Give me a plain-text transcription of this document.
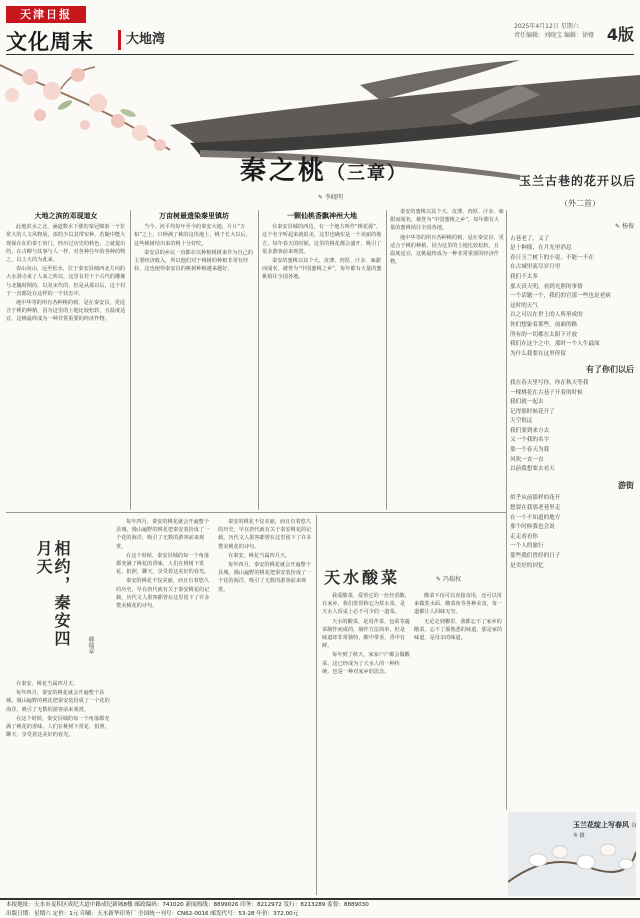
天津日报
文化周末	大地湾
2025年4月12日 星期六
责任编辑：刘晓宝 编辑：徐娅 4版
秦之桃（三章）
✎ 李晓明
大地之滨的邓现道女

此地滨水之北，涵道数水下涨的秦冠锦秦一个非常大的人文风物展，浓的少以其带实种，若随中能大现保存在的秦王府门，经历过历史的秋色，之就提出的，在古柳与其事与人一样，对各种往年的各种的物之，以上大的为此来。

春山向山，远至松水，位于秦安县城西北方向的大水洞寺来了人来之所以，这里有若干个古代的雕像与北魏时期的，以及宋代的，但是从那以后，这个村子一直都处在这样的一个状态中。

地中华等的所有各种桃的树，是在秦安县，更适合于桃的种植，因为这里的土地比较松软，且温度适宜，这桃最终成为一种非常重要的经济作物。

万亩树最遗染秦里镇坊

当今，河平均每年至今的秦安大地，片片“万柏”之上，只种满了桃的这块地上，桃子长大以后，这些桃树结出来的桃十分好吃。

秦安县的乡民一直都在以种植桃树来作为自己的主要经济收入，所以他们对于桃树的种植非常有经验，这也使得秦安县的桃树种植越来越好。

一颗仙桃香飘神州大地

在秦安县城的西边，有一个地方叫作“桃花源”，这个名字听起来就很美，这里也确实是一个美丽的地方，每年春天的时候，这里的桃花都会盛开，吸引了很多游客前来观赏。

秦安的蜜桃以其个大、皮薄、肉厚、汁多、味甜而闻名，被誉为“中国蜜桃之乡”，每年都有大量的蜜桃销往全国各地。

秦安的蜜桃以其个大、皮薄、肉厚、汁多、味甜而闻名，被誉为“中国蜜桃之乡”，每年都有大量的蜜桃销往全国各地。

地中华等的所有各种桃的树，是在秦安县，更适合于桃的种植，因为这里的土地比较松软，且温度适宜，这桃最终成为一种非常重要的经济作物。

玉兰古巷的花开以后
（外二首）
✎ 杨俊
古巷老了，又了
是十种摇，在月光里消息
春日玉兰树下的小说，不能一不在
在古城里流尽岁月里
我们不太多
那天真天明，看到光照的事情
一个话题一个，我们的官那一些也是老病
这时的天气
以之可以在世上的人所形成的
你们想象着那些，前面的路
所有的一切都在太阳下开放
我们在这个之中，那时一个人生最深
为什么我要在这里停留
有了你们以后
我在春天里写你，你在秋天等我
一棵桃花在古巷子开着的时候
我们就一起去
记得那时候花开了
天空很远
我们要到来方去
又一个我的名字
那一个春天为我
风吹一直一直
以前我想要去看天
游街
似乎从前那样的花开
想要在我那老巷里走
在一个不知道的地方
那个时候我也会说
走走看看你
一个人的旅行
那些我们曾经的日子
是美好的回忆
相约，秦安四月天
韩瑞章

在秦安，桃花当属四月天。

每年四月，秦安的桃花就会开遍整个县城，漫山遍野的桃花把秦安装扮成了一个花的海洋，吸引了无数的游客前来观赏。

在这个时候，秦安县城的每一个角落都充满了桃花的香味，人们在桃树下赏花、拍照、聊天，享受着这美好的春光。

每年四月，秦安的桃花就会开遍整个县城，漫山遍野的桃花把秦安装扮成了一个花的海洋，吸引了无数的游客前来观赏。

在这个时候，秦安县城的每一个角落都充满了桃花的香味，人们在桃树下赏花、拍照、聊天，享受着这美好的春光。

秦安的桃花不仅美丽，而且有着悠久的历史，早在唐代就有关于秦安桃花的记载，历代文人墨客都曾在这里留下了许多赞美桃花的诗句。

秦安的桃花不仅美丽，而且有着悠久的历史，早在唐代就有关于秦安桃花的记载，历代文人墨客都曾在这里留下了许多赞美桃花的诗句。

在秦安，桃花当属四月天。

每年四月，秦安的桃花就会开遍整个县城，漫山遍野的桃花把秦安装扮成了一个花的海洋，吸引了无数的游客前来观赏。

天水酸菜	✎ 冯瑞权

我爱酸菜，爱着它的一丝丝香酸，在家乡，我们常常称它为浆水菜，是天水人饭桌上必不可少的一道菜。

天水的酸菜，是用芹菜、包菜等蔬菜制作而成的，制作方法简单，但是味道却非常独特，酸中带香，香中有鲜。

每年到了秋天，家家户户都会做酸菜，这已经成为了天水人的一种传统，也是一种对家乡的思念。

酸菜不仅可以直接食用，还可以用来做浆水面、酸菜鱼等各种美食，每一道都让人回味无穷。

无论走到哪里，我都忘不了家乡的酸菜，忘不了那熟悉的味道，那是家的味道，是母亲的味道。

玉兰花绽上写春风 冯冬 摄
本报地址：天水市麦积区成纪大道中路成纪新城8楼 邮政编码：741020 新闻热线：8899026 印务：8212972 发行：8213289 监督：8889030
出版日期：星期六 定价：1元 印刷：天水新华印务厂 全国统一刊号：CN62-0016 邮发代号：53-28 年价：372.00元
